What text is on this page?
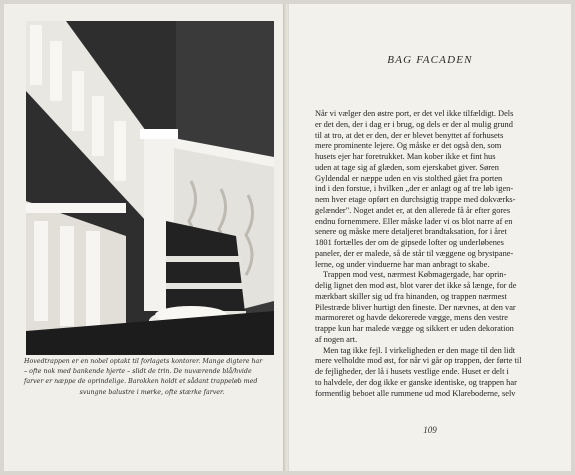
Hovedtrappen er en nobel optakt til forlagets kontorer. Mange digtere har
– ofte nok med bankende hjerte – slidt de trin. De nuværende blå/hvide
farver er næppe de oprindelige. Barokken holdt et sådant trappeløb med
svungne balustre i mørke, ofte stærke farver.
BAG FACADEN
Når vi vælger den østre port, er det vel ikke tilfældigt. Dels
er det den, der i dag er i brug, og dels er der al mulig grund
til at tro, at det er den, der er blevet benyttet af forhusets
mere prominente lejere. Og måske er det også den, som
husets ejer har foretrukket. Man kober ikke et fint hus
uden at tage sig af glæden, som ejerskabet giver. Søren
Gyldendal er næppe uden en vis stolthed gået fra porten
ind i den forstue, i hvilken „der er anlagt og af tre løb igen-
nem hver etage opført en durchsigtig trappe med dokværks-
gelænder". Noget andet er, at den allerede få år efter gores
endnu fornemmere. Eller måske lader vi os blot narre af en
senere og måske mere detaljeret brandtaksation, for i året
1801 fortælles der om de gipsede lofter og underløbenes
paneler, der er malede, så de står til væggene og brystpane-
lerne, og under vinduerne har man anbragt to skabe.
Trappen mod vest, nærmest Købmagergade, har oprin-
delig lignet den mod øst, blot varer det ikke så længe, for de
mærkbart skiller sig ud fra hinanden, og trappen nærmest
Pilestræde bliver hurtigt den fineste. Der nævnes, at den var
marmoreret og havde dekorerede vægge, mens den vestre
trappe kun har malede vægge og sikkert er uden dekoration
af nogen art.
Men tag ikke fejl. I virkeligheden er den mage til den lidt
mere velholdte mod øst, for når vi går op trappen, der førte til
de fejligheder, der lå i husets vestlige ende. Huset er delt i
to halvdele, der dog ikke er ganske identiske, og trappen har
formentlig beboet alle rummene ud mod Klareboderne, selv
109
